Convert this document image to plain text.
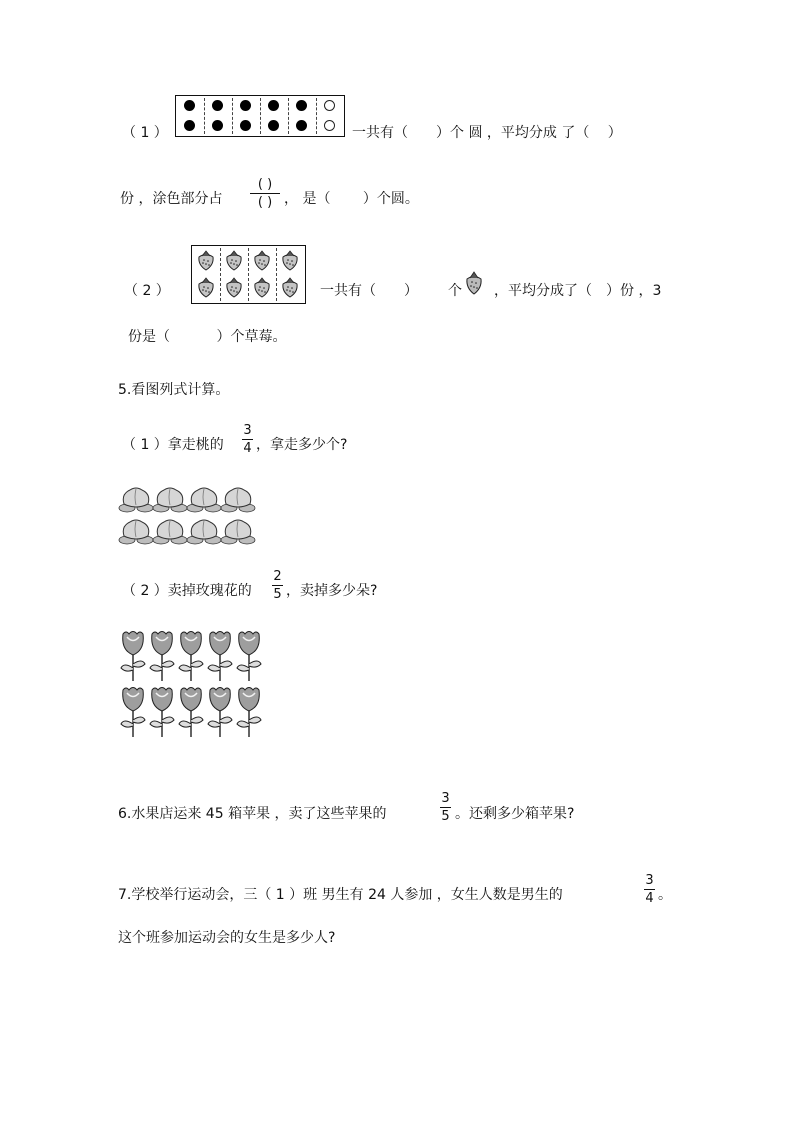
（ 1 ）	一共有（　　）个 圆 ，平均分成 了（　 ）
份 ，涂色部分占
( )
( ) ， 是（　　 ）个圆。
（ 2 ）	一共有（　　） 个 ，平均分成了（　）份 ，3
份是（　　　 ）个草莓。
5.看图列式计算。
（ 1 ）拿走桃的
3
4 ，拿走多少个?
（ 2 ）卖掉玫瑰花的
2
5 ，卖掉多少朵?
6.水果店运来 45 箱苹果 ，卖了这些苹果的
3
5 。还剩多少箱苹果?
7.学校举行运动会，三（ 1 ）班 男生有 24 人参加 ，女生人数是男生的
3
4 。
这个班参加运动会的女生是多少人?
